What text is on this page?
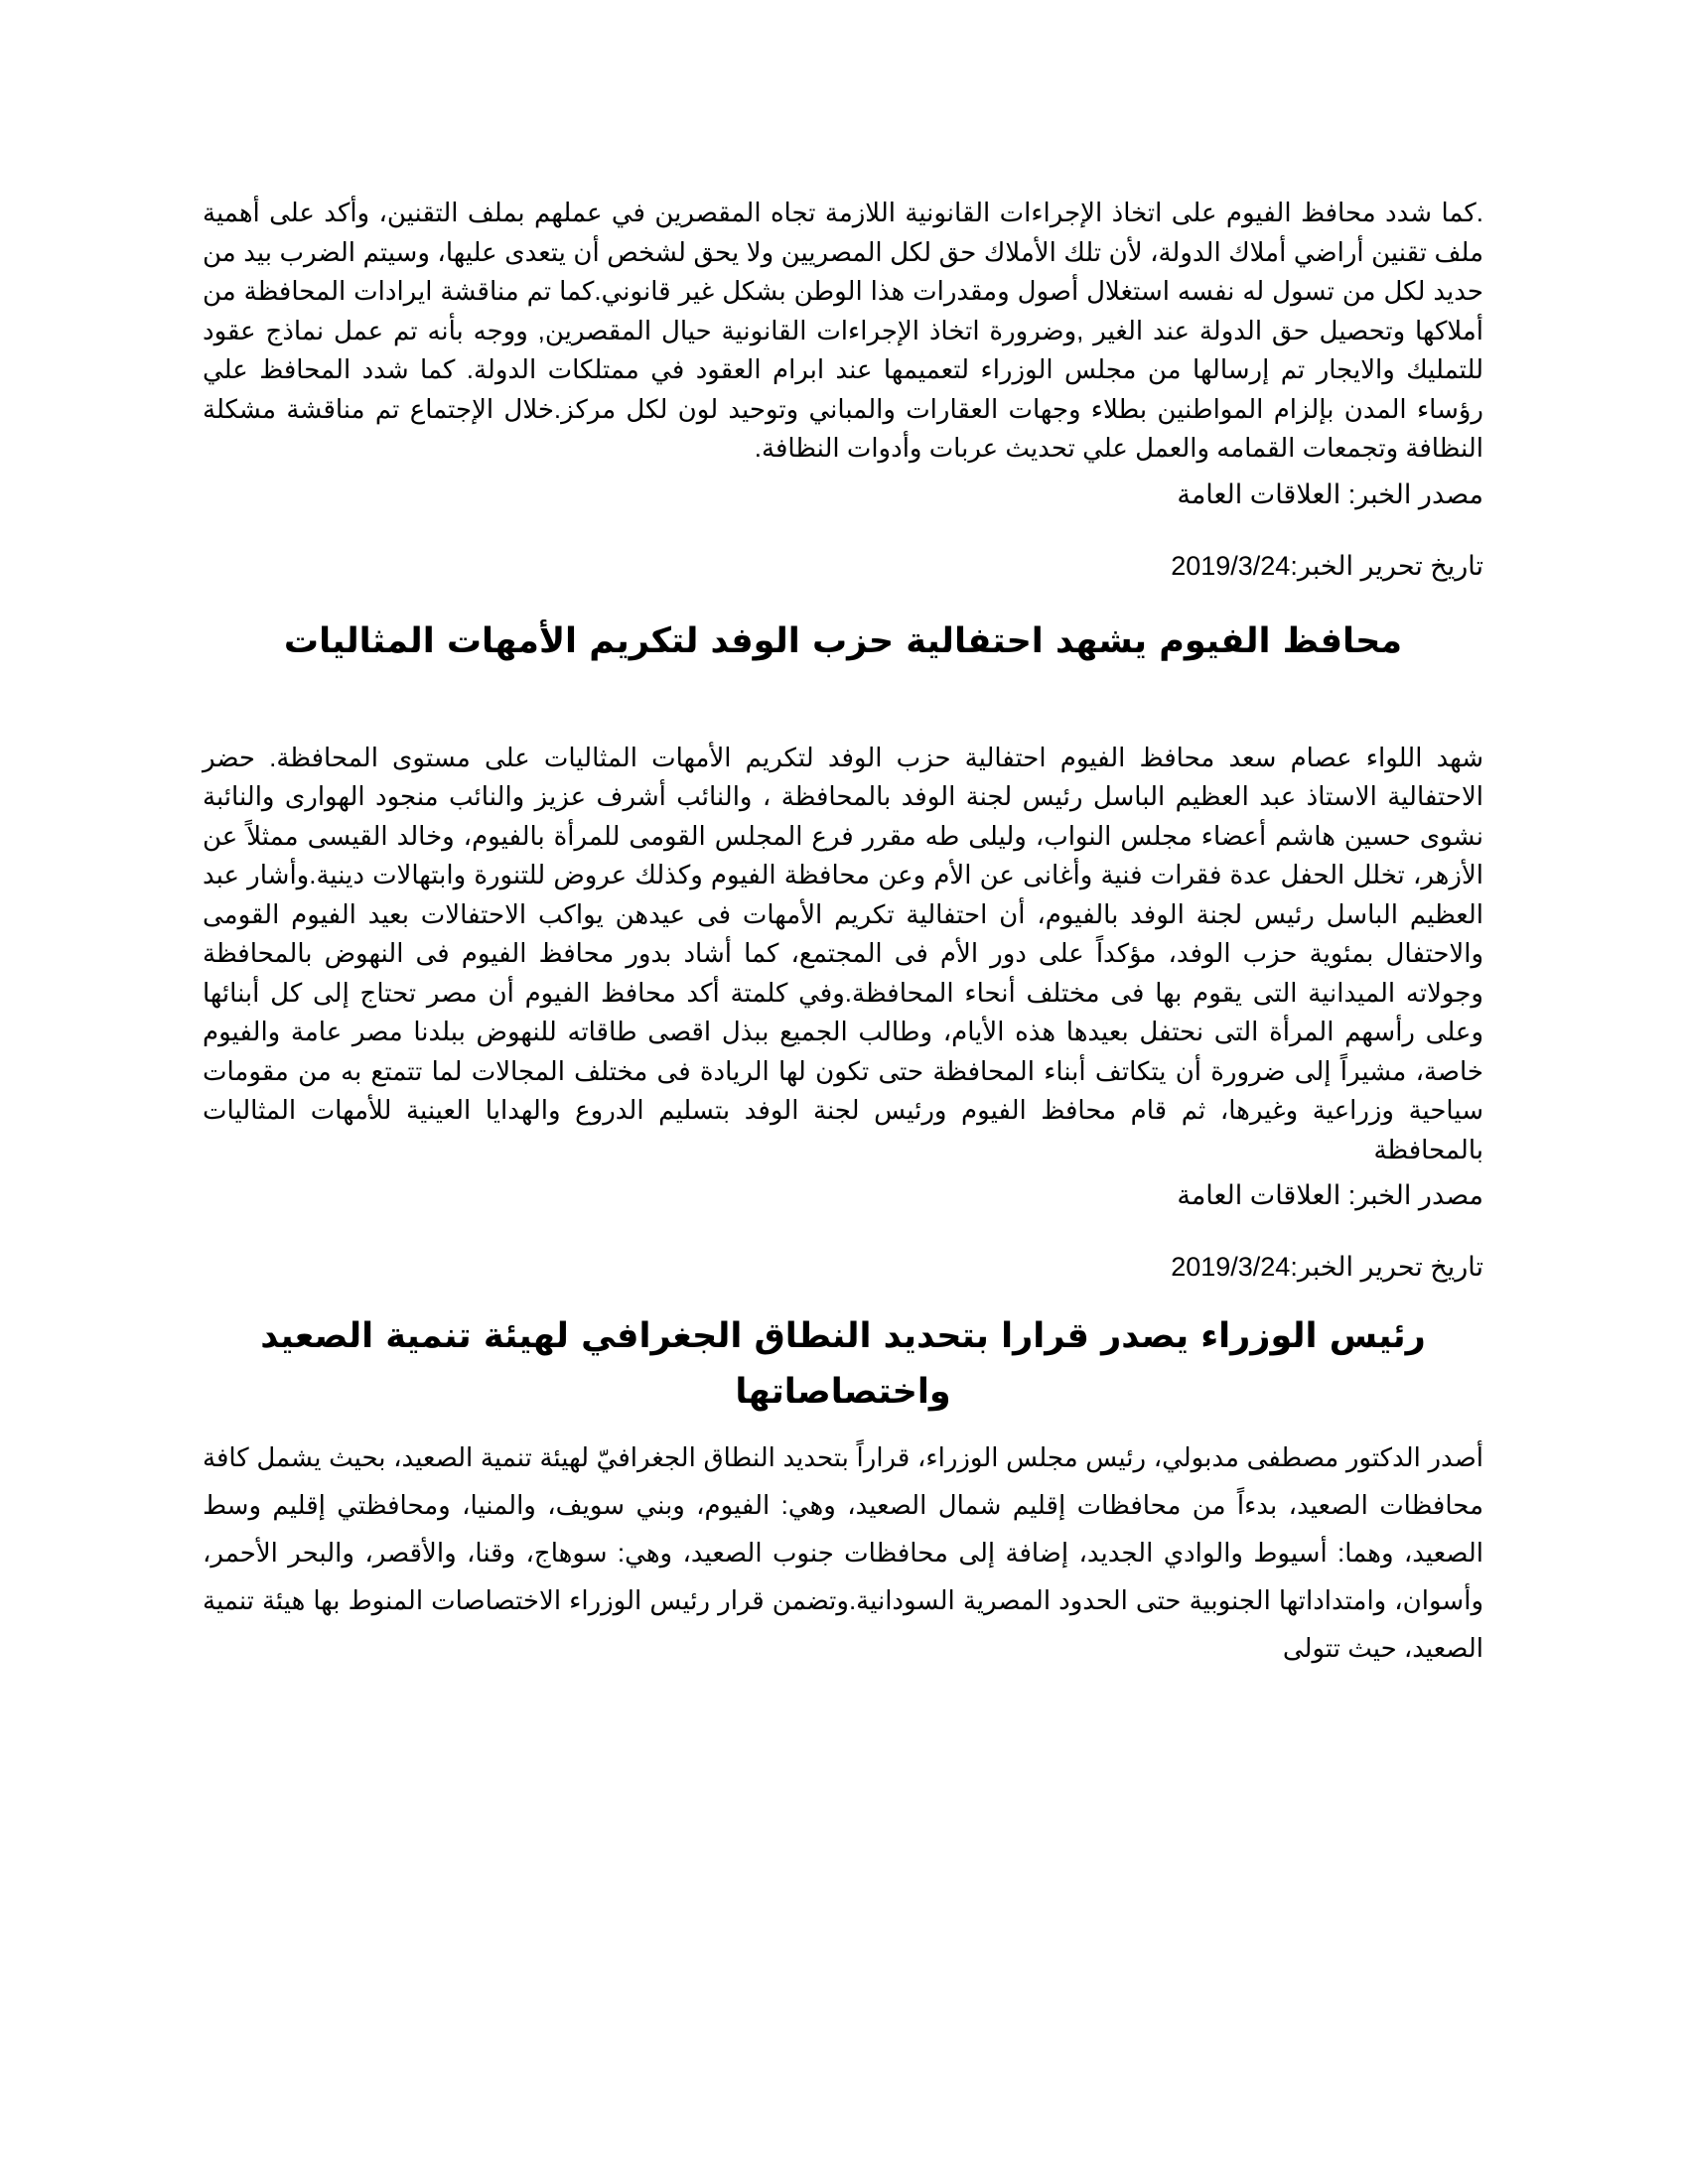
.كما شدد محافظ الفيوم على اتخاذ الإجراءات القانونية اللازمة تجاه المقصرين في عملهم بملف التقنين، وأكد على أهمية ملف تقنين أراضي أملاك الدولة، لأن تلك الأملاك حق لكل المصريين ولا يحق لشخص أن يتعدى عليها، وسيتم الضرب بيد من حديد لكل من تسول له نفسه استغلال أصول ومقدرات هذا الوطن بشكل غير قانوني.كما تم مناقشة ايرادات المحافظة من أملاكها وتحصيل حق الدولة عند الغير ,وضرورة اتخاذ الإجراءات القانونية حيال المقصرين, ووجه بأنه تم عمل نماذج عقود للتمليك والايجار تم إرسالها من مجلس الوزراء لتعميمها عند ابرام العقود في ممتلكات الدولة. كما شدد المحافظ علي رؤساء المدن بإلزام المواطنين بطلاء وجهات العقارات والمباني وتوحيد لون لكل مركز.خلال الإجتماع تم مناقشة مشكلة النظافة وتجمعات القمامه والعمل علي تحديث عربات وأدوات النظافة.

مصدر الخبر: العلاقات العامة

تاريخ تحرير الخبر:2019/3/24

محافظ الفيوم يشهد احتفالية حزب الوفد لتكريم الأمهات المثاليات

شهد اللواء عصام سعد محافظ الفيوم احتفالية حزب الوفد لتكريم الأمهات المثاليات على مستوى المحافظة. حضر الاحتفالية الاستاذ عبد العظيم الباسل رئيس لجنة الوفد بالمحافظة ، والنائب أشرف عزيز والنائب منجود الهوارى والنائبة نشوى حسين هاشم أعضاء مجلس النواب، وليلى طه مقرر فرع المجلس القومى للمرأة بالفيوم، وخالد القيسى ممثلاً عن الأزهر، تخلل الحفل عدة فقرات فنية وأغانى عن الأم وعن محافظة الفيوم وكذلك عروض للتنورة وابتهالات دينية.وأشار عبد العظيم الباسل رئيس لجنة الوفد بالفيوم، أن احتفالية تكريم الأمهات فى عيدهن يواكب الاحتفالات بعيد الفيوم القومى والاحتفال بمئوية حزب الوفد، مؤكداً على دور الأم فى المجتمع، كما أشاد بدور محافظ الفيوم فى النهوض بالمحافظة وجولاته الميدانية التى يقوم بها فى مختلف أنحاء المحافظة.وفي كلمتة أكد محافظ الفيوم أن مصر تحتاج إلى كل أبنائها وعلى رأسهم المرأة التى نحتفل بعيدها هذه الأيام، وطالب الجميع ببذل اقصى طاقاته للنهوض ببلدنا مصر عامة والفيوم خاصة، مشيراً إلى ضرورة أن يتكاتف أبناء المحافظة حتى تكون لها الريادة فى مختلف المجالات لما تتمتع به من مقومات سياحية وزراعية وغيرها، ثم قام محافظ الفيوم ورئيس لجنة الوفد بتسليم الدروع والهدايا العينية للأمهات المثاليات بالمحافظة

مصدر الخبر: العلاقات العامة

تاريخ تحرير الخبر:2019/3/24

رئيس الوزراء يصدر قرارا بتحديد النطاق الجغرافي لهيئة تنمية الصعيد واختصاصاتها

أصدر الدكتور مصطفى مدبولي، رئيس مجلس الوزراء، قراراً بتحديد النطاق الجغرافيّ لهيئة تنمية الصعيد، بحيث يشمل كافة محافظات الصعيد، بدءاً من محافظات إقليم شمال الصعيد، وهي: الفيوم، وبني سويف، والمنيا، ومحافظتي إقليم وسط الصعيد، وهما: أسيوط والوادي الجديد، إضافة إلى محافظات جنوب الصعيد، وهي: سوهاج، وقنا، والأقصر، والبحر الأحمر، وأسوان، وامتداداتها الجنوبية حتى الحدود المصرية السودانية.وتضمن قرار رئيس الوزراء الاختصاصات المنوط بها هيئة تنمية الصعيد، حيث تتولى
